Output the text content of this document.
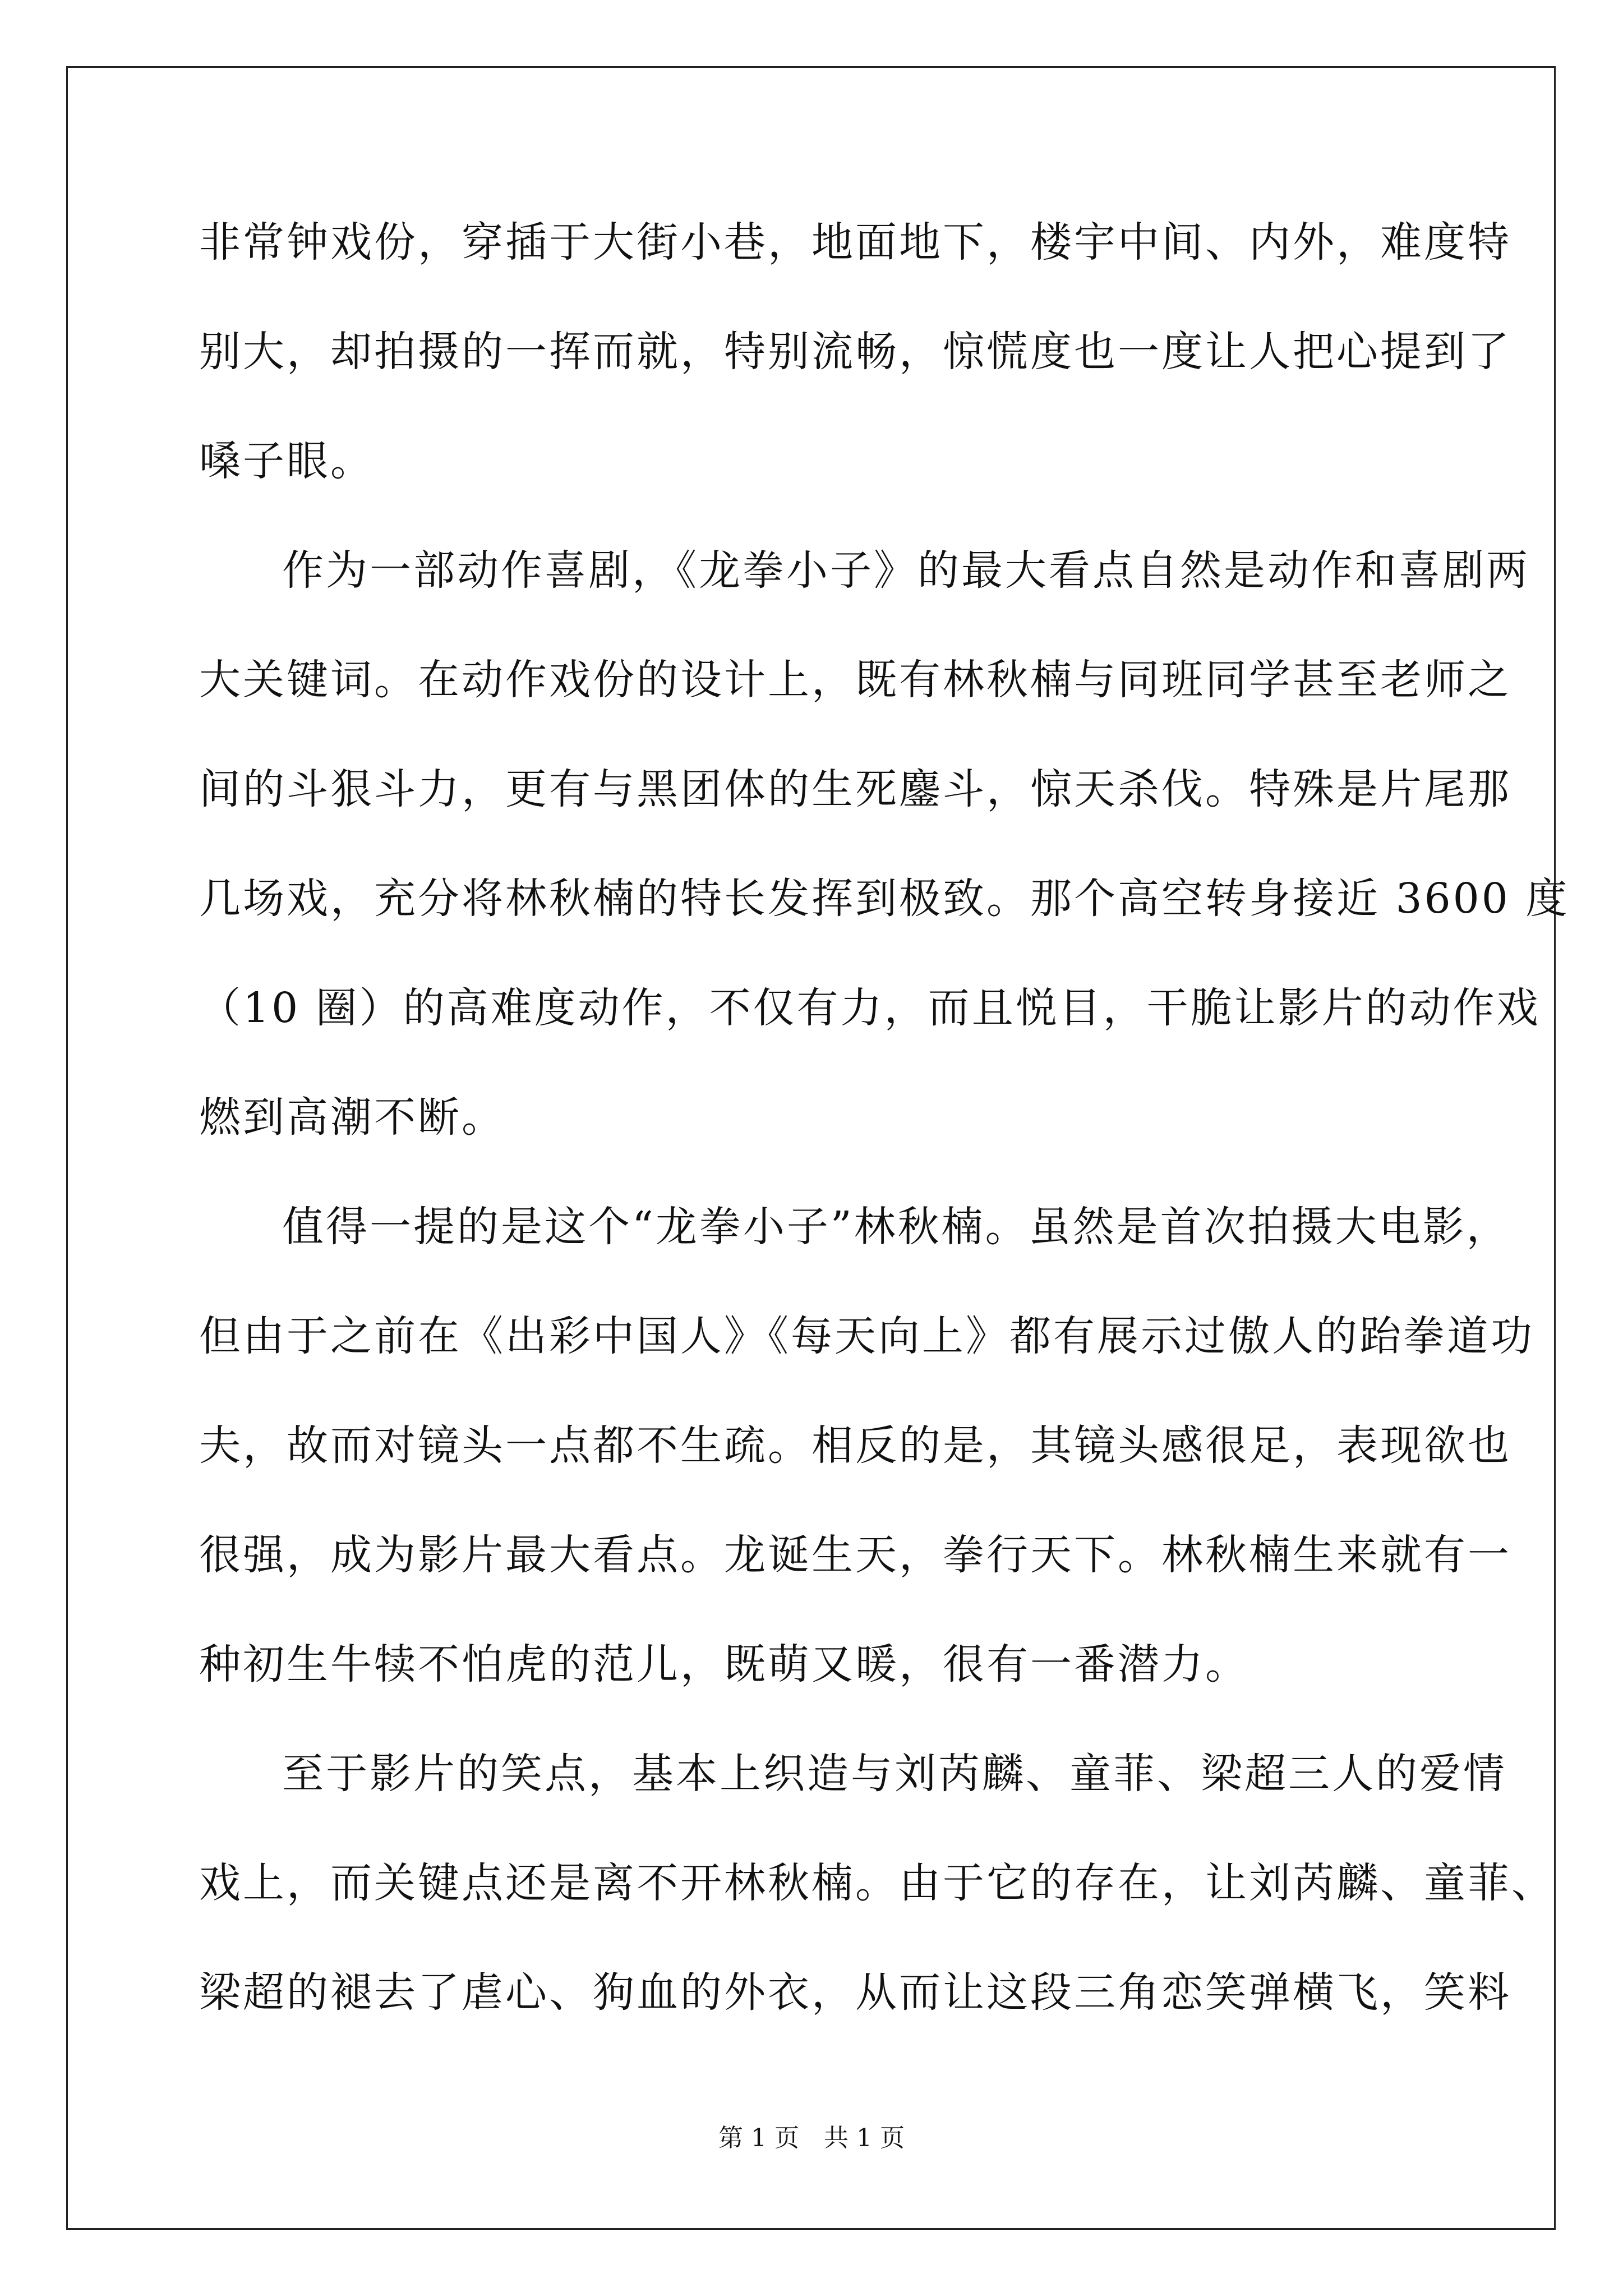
非常钟戏份，穿插于大街小巷，地面地下，楼宇中间、内外，难度特
别大，却拍摄的一挥而就，特别流畅，惊慌度也一度让人把心提到了
嗓子眼。
作为一部动作喜剧，《龙拳小子》的最大看点自然是动作和喜剧两
大关键词。在动作戏份的设计上，既有林秋楠与同班同学甚至老师之
间的斗狠斗力，更有与黑团体的生死鏖斗，惊天杀伐。特殊是片尾那
几场戏，充分将林秋楠的特长发挥到极致。那个高空转身接近 3600 度
（10 圈）的高难度动作，不仅有力，而且悦目，干脆让影片的动作戏
燃到高潮不断。
值得一提的是这个“龙拳小子”林秋楠。虽然是首次拍摄大电影，
但由于之前在《出彩中国人》《每天向上》都有展示过傲人的跆拳道功
夫，故而对镜头一点都不生疏。相反的是，其镜头感很足，表现欲也
很强，成为影片最大看点。龙诞生天，拳行天下。林秋楠生来就有一
种初生牛犊不怕虎的范儿，既萌又暖，很有一番潜力。
至于影片的笑点，基本上织造与刘芮麟、童菲、梁超三人的爱情
戏上，而关键点还是离不开林秋楠。由于它的存在，让刘芮麟、童菲、
梁超的褪去了虐心、狗血的外衣，从而让这段三角恋笑弹横飞，笑料
第 1 页　共 1 页
